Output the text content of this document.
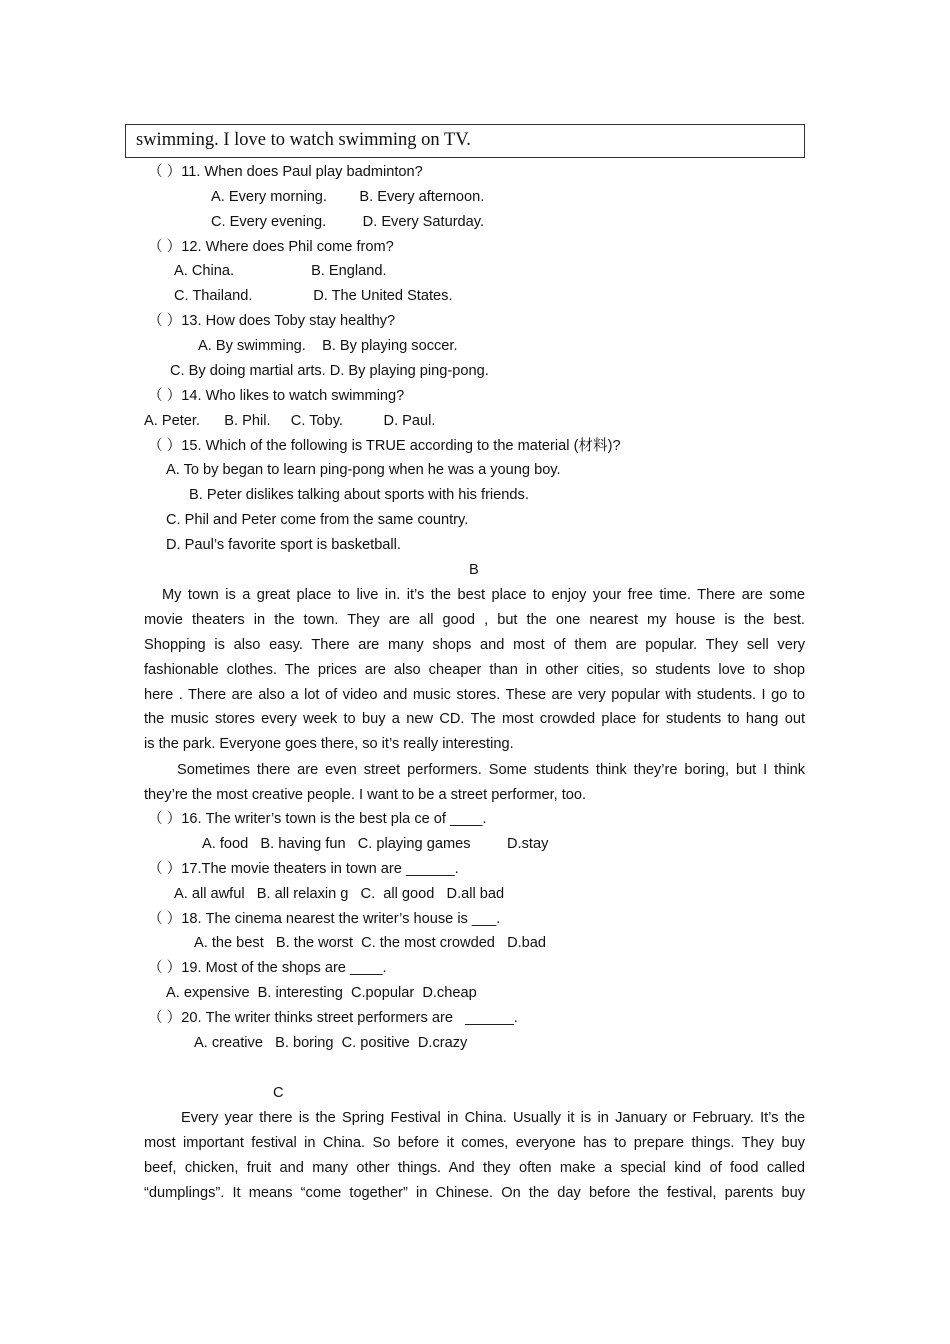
swimming. I love to watch swimming on TV.
（ ）11. When does Paul play badminton?
A. Every morning.        B. Every afternoon.
C. Every evening.         D. Every Saturday.
（ ）12. Where does Phil come from?
A. China.                   B. England.
C. Thailand.               D. The United States.
（ ）13. How does Toby stay healthy?
A. By swimming.    B. By playing soccer.
C. By doing martial arts. D. By playing ping-pong.
（ ）14. Who likes to watch swimming?
A. Peter.      B. Phil.     C. Toby.          D. Paul.
（ ）15. Which of the following is TRUE according to the material (材料)?
A. To by began to learn ping-pong when he was a young boy.
B. Peter dislikes talking about sports with his friends.
C. Phil and Peter come from the same country.
D. Paul’s favorite sport is basketball.
B
My town is a great place to live in. it’s the best place to enjoy your free time. There are some
movie theaters in the town. They are all good , but the one nearest my house is the best.
Shopping is also easy. There are many shops and most of them are popular. They sell very
fashionable clothes. The prices are also cheaper than in other cities, so students love to shop
here . There are also a lot of video and music stores. These are very popular with students. I go to
the music stores every week to buy a new CD. The most crowded place for students to hang out
is the park. Everyone goes there, so it’s really interesting.
Sometimes there are even street performers. Some students think they’re boring, but I think
they’re the most creative people. I want to be a street performer, too.
（ ）16. The writer’s town is the best pla ce of ____.
A. food   B. having fun   C. playing games         D.stay
（ ）17.The movie theaters in town are ______.
A. all awful   B. all relaxin g   C.  all good   D.all bad
（ ）18. The cinema nearest the writer’s house is ___.
A. the best   B. the worst  C. the most crowded   D.bad
（ ）19. Most of the shops are ____.
A. expensive  B. interesting  C.popular  D.cheap
（ ）20. The writer thinks street performers are   ______.
A. creative   B. boring  C. positive  D.crazy
C
Every year there is the Spring Festival in China. Usually it is in January or February. It’s the
most important festival in China. So before it comes, everyone has to prepare things. They buy
beef, chicken, fruit and many other things. And they often make a special kind of food called
“dumplings”. It means “come together” in Chinese. On the day before the festival, parents buy
